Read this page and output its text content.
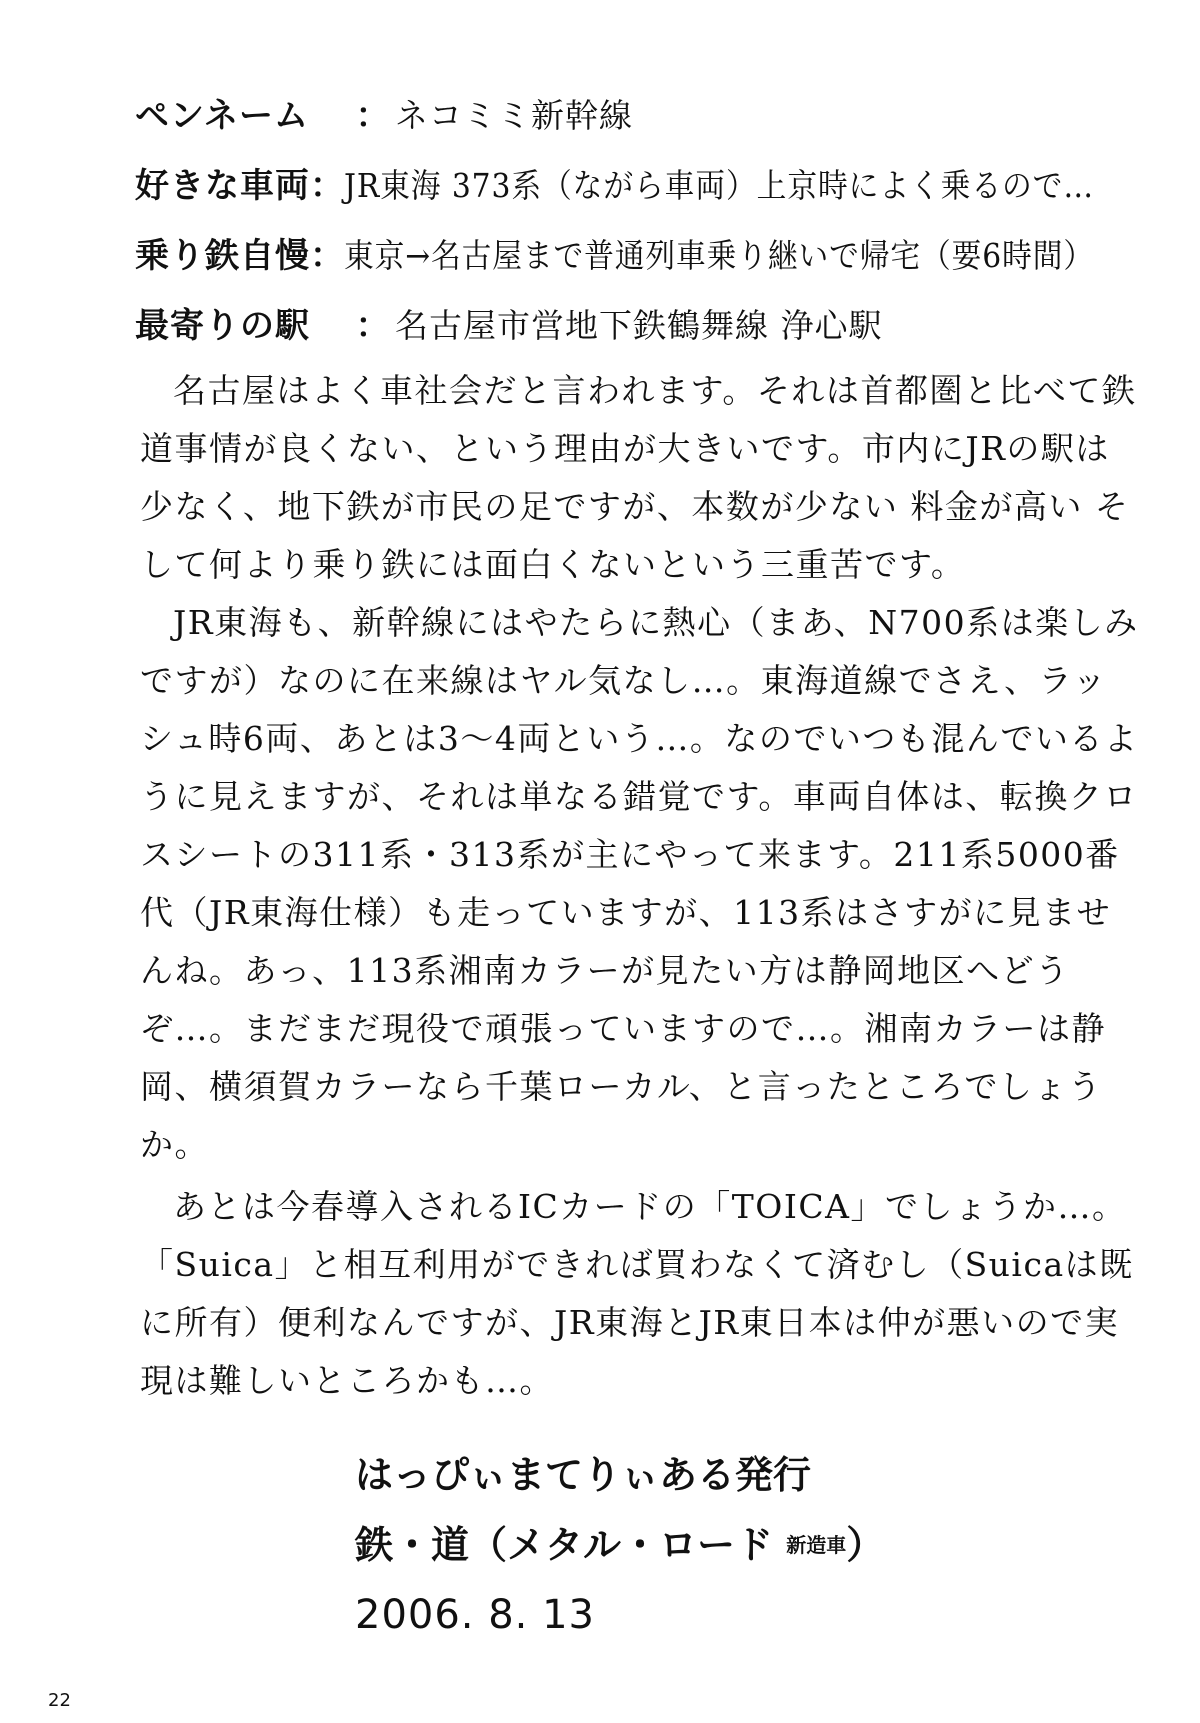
ペンネーム	： ネコミミ新幹線
好きな車両 ： JR東海 373系（ながら車両）上京時によく乗るので…
乗り鉄自慢 ： 東京→名古屋まで普通列車乗り継いで帰宅（要6時間）
最寄りの駅	： 名古屋市営地下鉄鶴舞線 浄心駅

名古屋はよく車社会だと言われます。それは首都圏と比べて鉄道事情が良くない、という理由が大きいです。市内にJRの駅は少なく、地下鉄が市民の足ですが、本数が少ない 料金が高い そして何より乗り鉄には面白くないという三重苦です。

JR東海も、新幹線にはやたらに熱心（まあ、N700系は楽しみですが）なのに在来線はヤル気なし…。東海道線でさえ、ラッシュ時6両、あとは3～4両という…。なのでいつも混んでいるように見えますが、それは単なる錯覚です。車両自体は、転換クロスシートの311系・313系が主にやって来ます。211系5000番代（JR東海仕様）も走っていますが、113系はさすがに見ませんね。あっ、113系湘南カラーが見たい方は静岡地区へどうぞ…。まだまだ現役で頑張っていますので…。湘南カラーは静岡、横須賀カラーなら千葉ローカル、と言ったところでしょうか。

あとは今春導入されるICカードの「TOICA」でしょうか…。「Suica」と相互利用ができれば買わなくて済むし（Suicaは既に所有）便利なんですが、JR東海とJR東日本は仲が悪いので実現は難しいところかも…。

はっぴぃまてりぃある発行
鉄・道（メタル・ロード 新造車）
2006. 8. 13
22
